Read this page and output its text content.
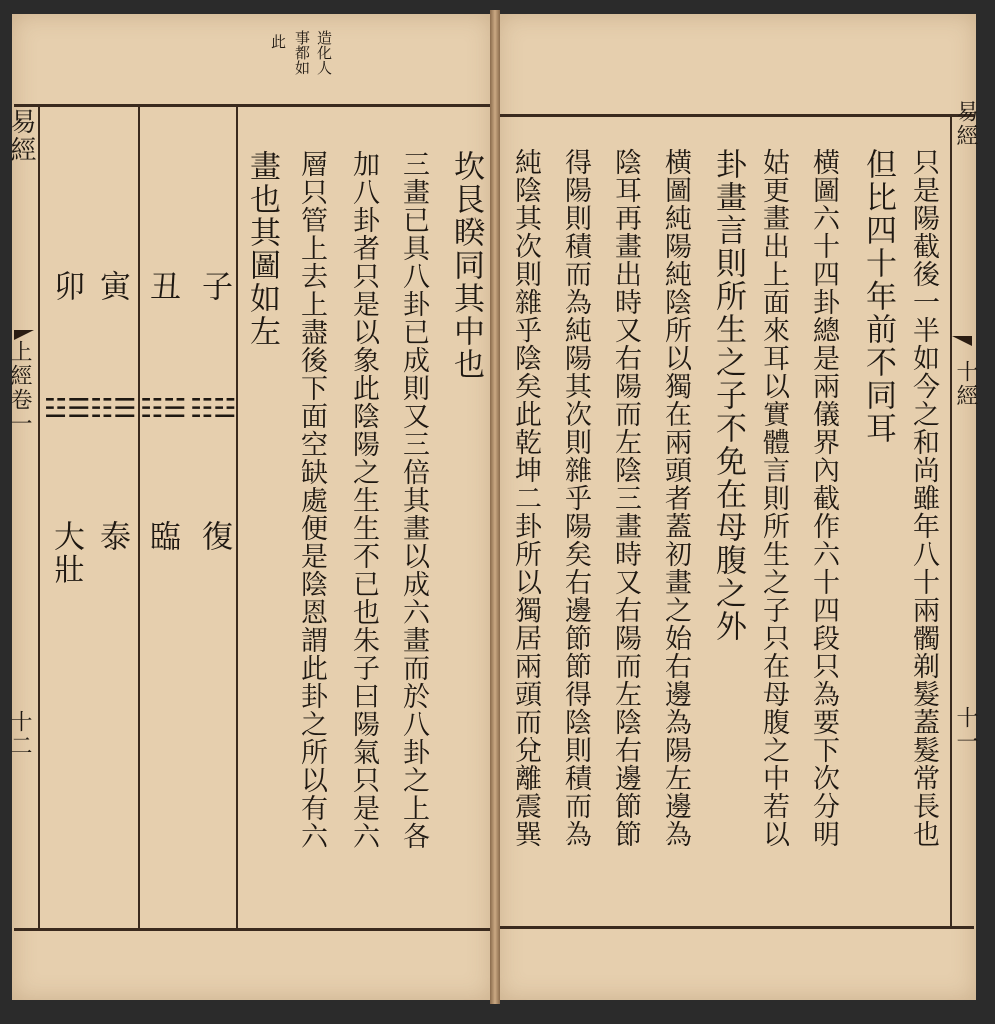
造化人
事都如
此
易經
上經卷一
十二
坎艮睽同其中也
三畫已具八卦已成則又三倍其畫以成六畫而於八卦之上各
加八卦者只是以象此陰陽之生生不已也朱子曰陽氣只是六
層只管上去上盡後下面空缺處便是陰恩謂此卦之所以有六
畫也其圖如左
子
☷☳
復
丑
☷☱
臨
寅
☷☰
泰
卯
☳☰
大壯
易經
十經
十一
只是陽截後一半如今之和尚雖年八十兩髑剃髮蓋髮常長也
但比四十年前不同耳
横圖六十四卦總是兩儀界內截作六十四段只為要下次分明
姑更畫出上面來耳以實體言則所生之子只在母腹之中若以
卦畫言則所生之子不免在母腹之外
横圖純陽純陰所以獨在兩頭者蓋初畫之始右邊為陽左邊為
陰耳再畫出時又右陽而左陰三畫時又右陽而左陰右邊節節
得陽則積而為純陽其次則雜乎陽矣右邊節節得陰則積而為
純陰其次則雜乎陰矣此乾坤二卦所以獨居兩頭而兌離震巽
